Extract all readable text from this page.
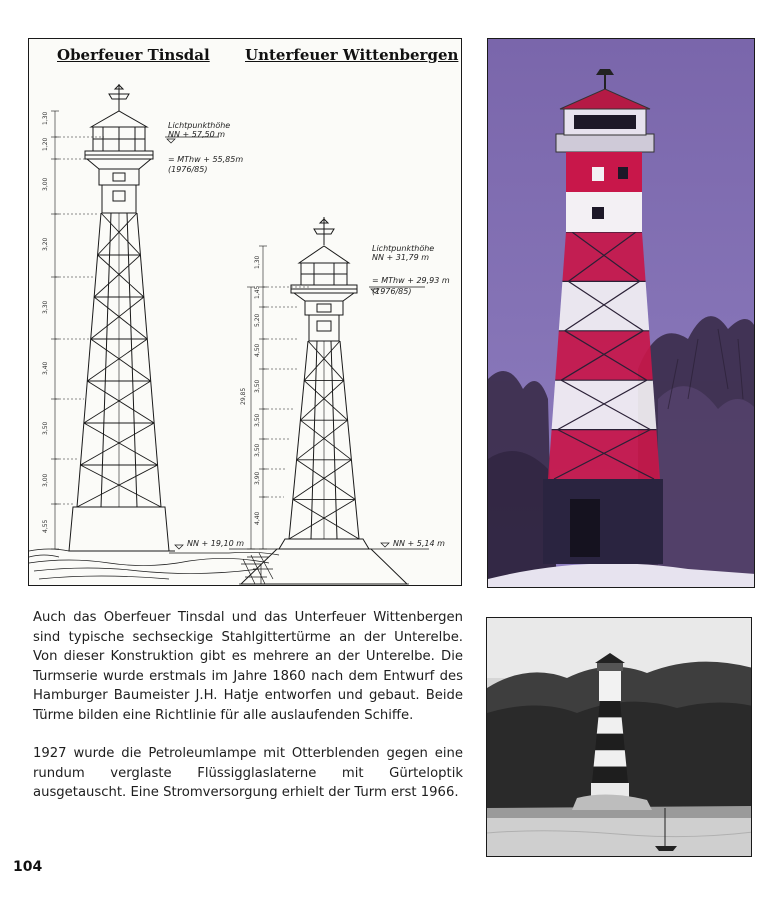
Oberfeuer Tinsdal Unterfeuer Wittenbergen
1,30
1,20
3,00
3,20
3,30
3,40
3,50
3,00
4,55
29,85
1,30
1,45
5,20
4,50
3,50
3,50
3,50
3,90
4,40
Lichtpunkthöhe
NN + 57,50 m
= MThw + 55,85m
(1976/85)
NN + 19,10 m
Lichtpunkthöhe
NN + 31,79 m
= MThw + 29,93 m
(1976/85)
NN + 5,14 m

Auch das Oberfeuer Tinsdal und das Unterfeuer Wittenbergen sind typische sechseckige Stahlgittertürme an der Unterelbe. Von dieser Konstruktion gibt es mehrere an der Unterelbe. Die Turmserie wurde erstmals im Jahre 1860 nach dem Entwurf des Hamburger Baumeister J.H. Hatje entworfen und gebaut. Beide Türme bilden eine Richtlinie für alle auslaufenden Schiffe.

1927 wurde die Petroleumlampe mit Otterblenden gegen eine rundum verglaste Flüssigglaslaterne mit Gürteloptik ausgetauscht. Eine Stromversorgung erhielt der Turm erst 1966.

104
